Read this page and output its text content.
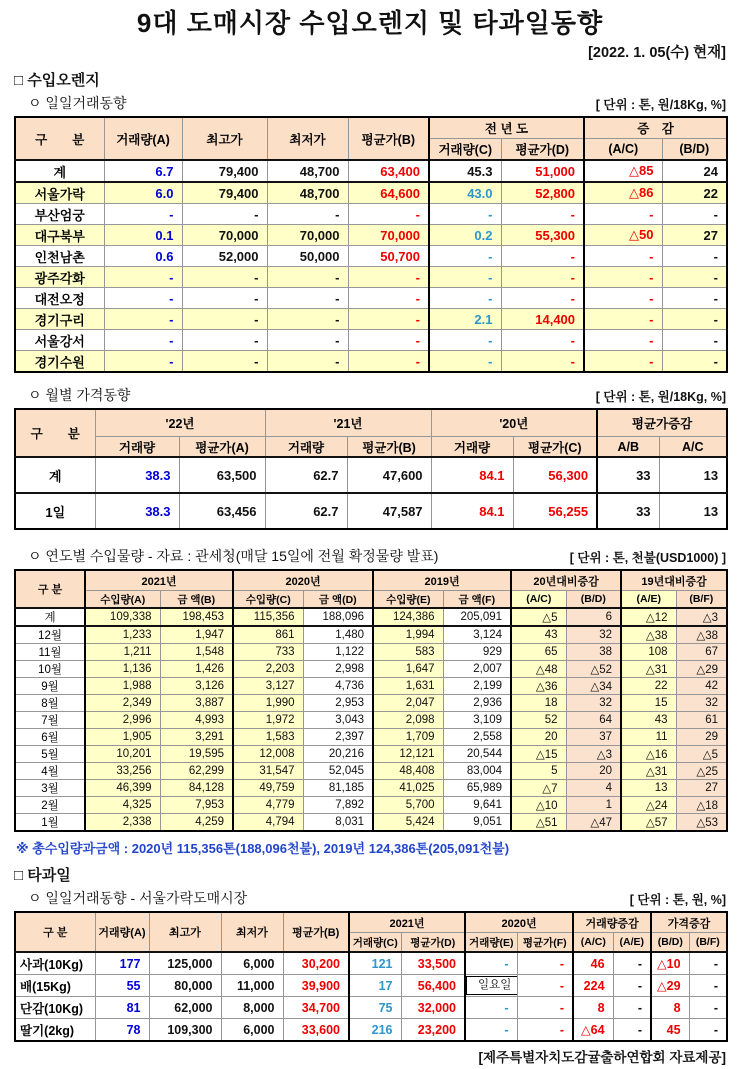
9대 도매시장 수입오렌지 및 타과일동향
[2022. 1. 05(수) 현재]
□ 수입오렌지
ㅇ 일일거래동향	[ 단위 : 톤, 원/18Kg, %]
구　　분	거래량(A)	최고가	최저가	평균가(B)	전 년 도		증　감	
					거래량(C)	평균가(D)	(A/C)	(B/D)
계	6.7	79,400	48,700	63,400	45.3	51,000	△85	24
서울가락	6.0	79,400	48,700	64,600	43.0	52,800	△86	22
부산엄궁	-	-	-	-	-	-	-	-
대구북부	0.1	70,000	70,000	70,000	0.2	55,300	△50	27
인천남촌	0.6	52,000	50,000	50,700	-	-	-	-
광주각화	-	-	-	-	-	-	-	-
대전오정	-	-	-	-	-	-	-	-
경기구리	-	-	-	-	2.1	14,400	-	-
서울강서	-	-	-	-	-	-	-	-
경기수원	-	-	-	-	-	-	-	-
ㅇ 월별 가격동향	[ 단위 : 톤, 원/18Kg, %]
구　　분	'22년		'21년		'20년		평균가증감	
	거래량	평균가(A)	거래량	평균가(B)	거래량	평균가(C)	A/B	A/C
계	38.3	63,500	62.7	47,600	84.1	56,300	33	13
1일	38.3	63,456	62.7	47,587	84.1	56,255	33	13
ㅇ 연도별 수입물량 - 자료 : 관세청(매달 15일에 전월 확정물량 발표)	[ 단위 : 톤, 천불(USD1000) ]
구 분	2021년		2020년		2019년		20년대비증감		19년대비증감	
	수입량(A)	금 액(B)	수입량(C)	금 액(D)	수입량(E)	금 액(F)	(A/C)	(B/D)	(A/E)	(B/F)
계	109,338	198,453	115,356	188,096	124,386	205,091	△5	6	△12	△3
12월	1,233	1,947	861	1,480	1,994	3,124	43	32	△38	△38
11월	1,211	1,548	733	1,122	583	929	65	38	108	67
10월	1,136	1,426	2,203	2,998	1,647	2,007	△48	△52	△31	△29
9월	1,988	3,126	3,127	4,736	1,631	2,199	△36	△34	22	42
8월	2,349	3,887	1,990	2,953	2,047	2,936	18	32	15	32
7월	2,996	4,993	1,972	3,043	2,098	3,109	52	64	43	61
6월	1,905	3,291	1,583	2,397	1,709	2,558	20	37	11	29
5월	10,201	19,595	12,008	20,216	12,121	20,544	△15	△3	△16	△5
4월	33,256	62,299	31,547	52,045	48,408	83,004	5	20	△31	△25
3월	46,399	84,128	49,759	81,185	41,025	65,989	△7	4	13	27
2월	4,325	7,953	4,779	7,892	5,700	9,641	△10	1	△24	△18
1월	2,338	4,259	4,794	8,031	5,424	9,051	△51	△47	△57	△53
※ 총수입량과금액 : 2020년 115,356톤(188,096천불), 2019년 124,386톤(205,091천불)
□ 타과일
ㅇ 일일거래동향 - 서울가락도매시장	[ 단위 : 톤, 원, %]
구 분	거래량(A)	최고가	최저가	평균가(B)	2021년		2020년		거래량증감		가격증감	
					거래량(C)	평균가(D)	거래량(E)	평균가(F)	(A/C)	(A/E)	(B/D)	(B/F)
사과(10Kg)	177	125,000	6,000	30,200	121	33,500	-	-	46	-	△10	-
배(15Kg)	55	80,000	11,000	39,900	17	56,400	일요일	-	224	-	△29	-
단감(10Kg)	81	62,000	8,000	34,700	75	32,000	-	-	8	-	8	-
딸기(2kg)	78	109,300	6,000	33,600	216	23,200	-	-	△64	-	45	-
[제주특별자치도감귤출하연합회 자료제공]
